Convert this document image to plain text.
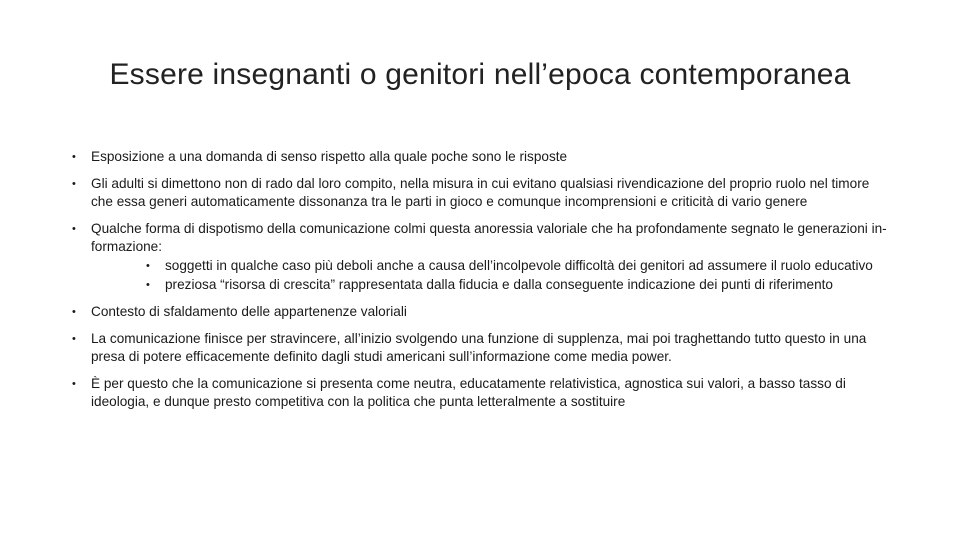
Essere insegnanti o genitori nell’epoca contemporanea
• Esposizione a una domanda di senso rispetto alla quale poche sono le risposte
• Gli adulti si dimettono non di rado dal loro compito, nella misura in cui evitano qualsiasi rivendicazione del proprio ruolo nel timore che essa generi automaticamente dissonanza tra le parti in gioco e comunque incomprensioni e criticità di vario genere
• Qualche forma di dispotismo della comunicazione colmi questa anoressia valoriale che ha profondamente segnato le generazioni in-formazione:
• soggetti in qualche caso più deboli anche a causa dell’incolpevole difficoltà dei genitori ad assumere il ruolo educativo
• preziosa “risorsa di crescita” rappresentata dalla fiducia e dalla conseguente indicazione dei punti di riferimento
• Contesto di sfaldamento delle appartenenze valoriali
• La comunicazione finisce per stravincere, all’inizio svolgendo una funzione di supplenza, mai poi traghettando tutto questo in una presa di potere efficacemente definito dagli studi americani sull’informazione come media power.
• È per questo che la comunicazione si presenta come neutra, educatamente relativistica, agnostica sui valori, a basso tasso di ideologia, e dunque presto competitiva con la politica che punta letteralmente a sostituire
